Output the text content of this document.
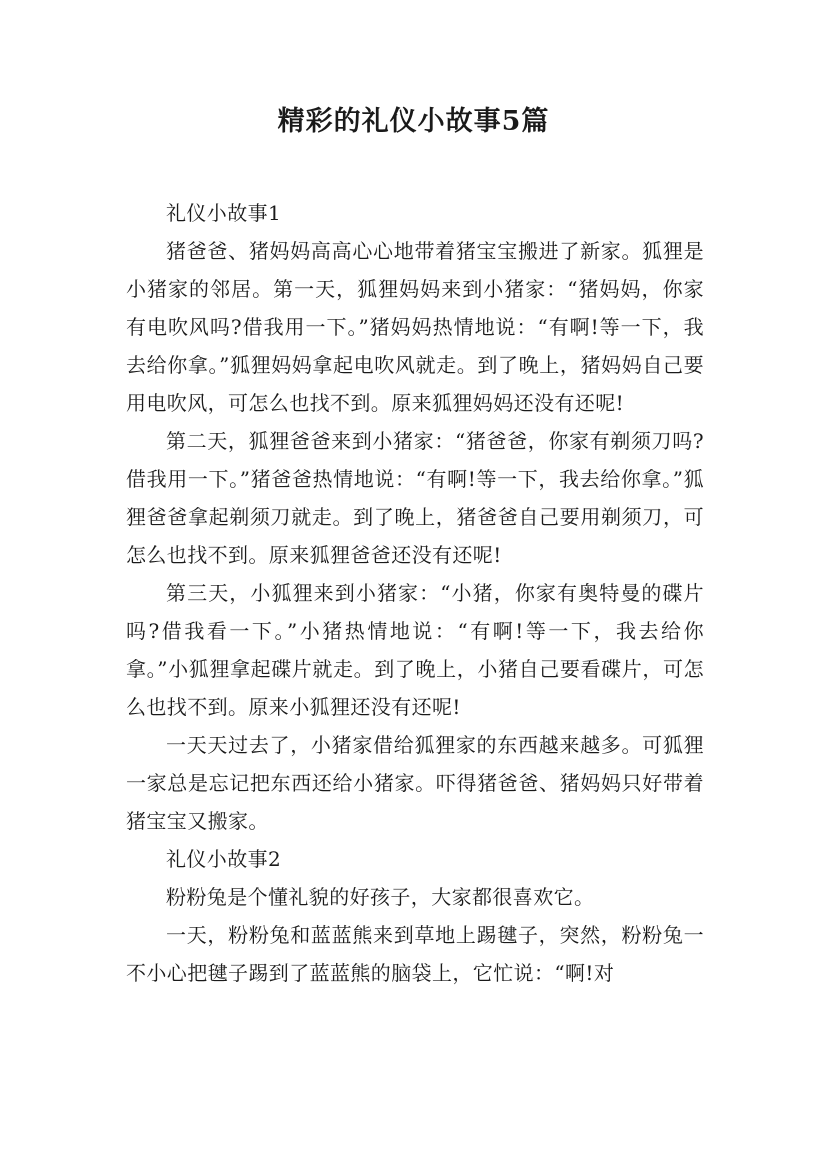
精彩的礼仪小故事5篇

礼仪小故事1

猪爸爸、猪妈妈高高心心地带着猪宝宝搬进了新家。狐狸是小猪家的邻居。第一天，狐狸妈妈来到小猪家：“猪妈妈，你家有电吹风吗?借我用一下。”猪妈妈热情地说：“有啊!等一下，我去给你拿。”狐狸妈妈拿起电吹风就走。到了晚上，猪妈妈自己要用电吹风，可怎么也找不到。原来狐狸妈妈还没有还呢!

第二天，狐狸爸爸来到小猪家：“猪爸爸，你家有剃须刀吗?借我用一下。”猪爸爸热情地说：“有啊!等一下，我去给你拿。”狐狸爸爸拿起剃须刀就走。到了晚上，猪爸爸自己要用剃须刀，可怎么也找不到。原来狐狸爸爸还没有还呢!

第三天，小狐狸来到小猪家：“小猪，你家有奥特曼的碟片吗?借我看一下。”小猪热情地说：“有啊!等一下，我去给你拿。”小狐狸拿起碟片就走。到了晚上，小猪自己要看碟片，可怎么也找不到。原来小狐狸还没有还呢!

一天天过去了，小猪家借给狐狸家的东西越来越多。可狐狸一家总是忘记把东西还给小猪家。吓得猪爸爸、猪妈妈只好带着猪宝宝又搬家。

礼仪小故事2

粉粉兔是个懂礼貌的好孩子，大家都很喜欢它。

一天，粉粉兔和蓝蓝熊来到草地上踢毽子，突然，粉粉兔一不小心把毽子踢到了蓝蓝熊的脑袋上，它忙说：“啊!对
